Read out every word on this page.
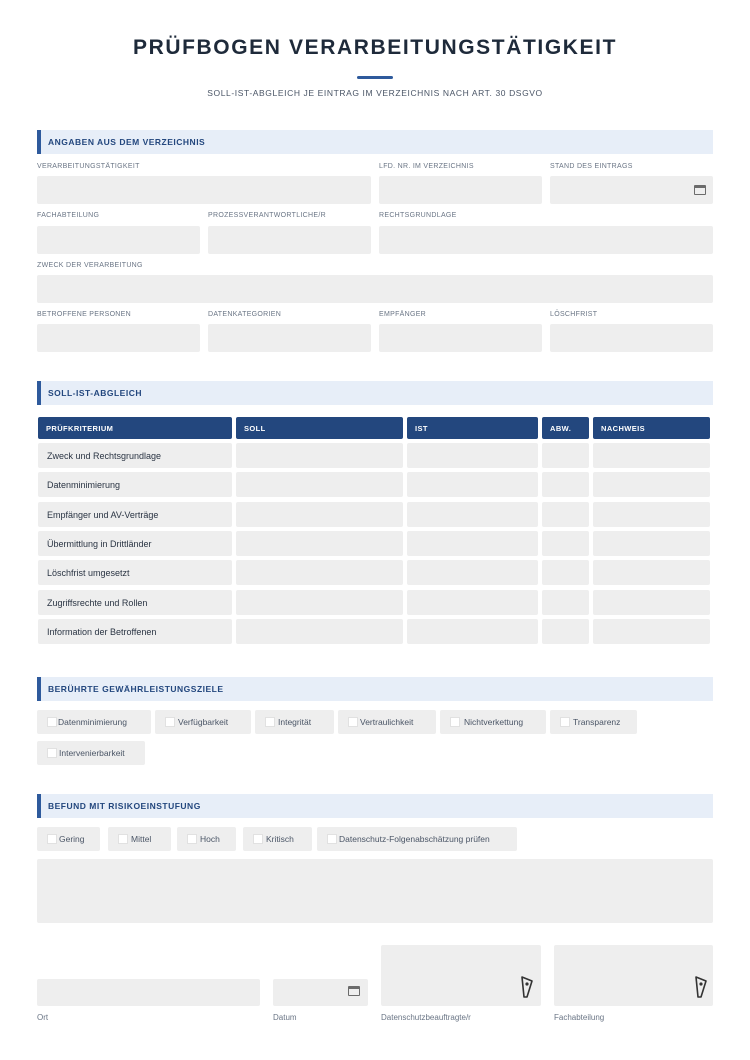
PRÜFBOGEN VERARBEITUNGSTÄTIGKEIT
SOLL-IST-ABGLEICH JE EINTRAG IM VERZEICHNIS NACH ART. 30 DSGVO
ANGABEN AUS DEM VERZEICHNIS
VERARBEITUNGSTÄTIGKEIT	LFD. NR. IM VERZEICHNIS	STAND DES EINTRAGS
FACHABTEILUNG	PROZESSVERANTWORTLICHE/R	RECHTSGRUNDLAGE
ZWECK DER VERARBEITUNG
BETROFFENE PERSONEN	DATENKATEGORIEN	EMPFÄNGER	LÖSCHFRIST
SOLL-IST-ABGLEICH
PRÜFKRITERIUM	SOLL	IST	ABW.	NACHWEIS
Zweck und Rechtsgrundlage
Datenminimierung
Empfänger und AV-Verträge
Übermittlung in Drittländer
Löschfrist umgesetzt
Zugriffsrechte und Rollen
Information der Betroffenen
BERÜHRTE GEWÄHRLEISTUNGSZIELE
Datenminimierung	Verfügbarkeit	Integrität	Vertraulichkeit	Nichtverkettung	Transparenz
Intervenierbarkeit
BEFUND MIT RISIKOEINSTUFUNG
Gering	Mittel	Hoch	Kritisch	Datenschutz-Folgenabschätzung prüfen
Ort	Datum	Datenschutzbeauftragte/r	Fachabteilung
